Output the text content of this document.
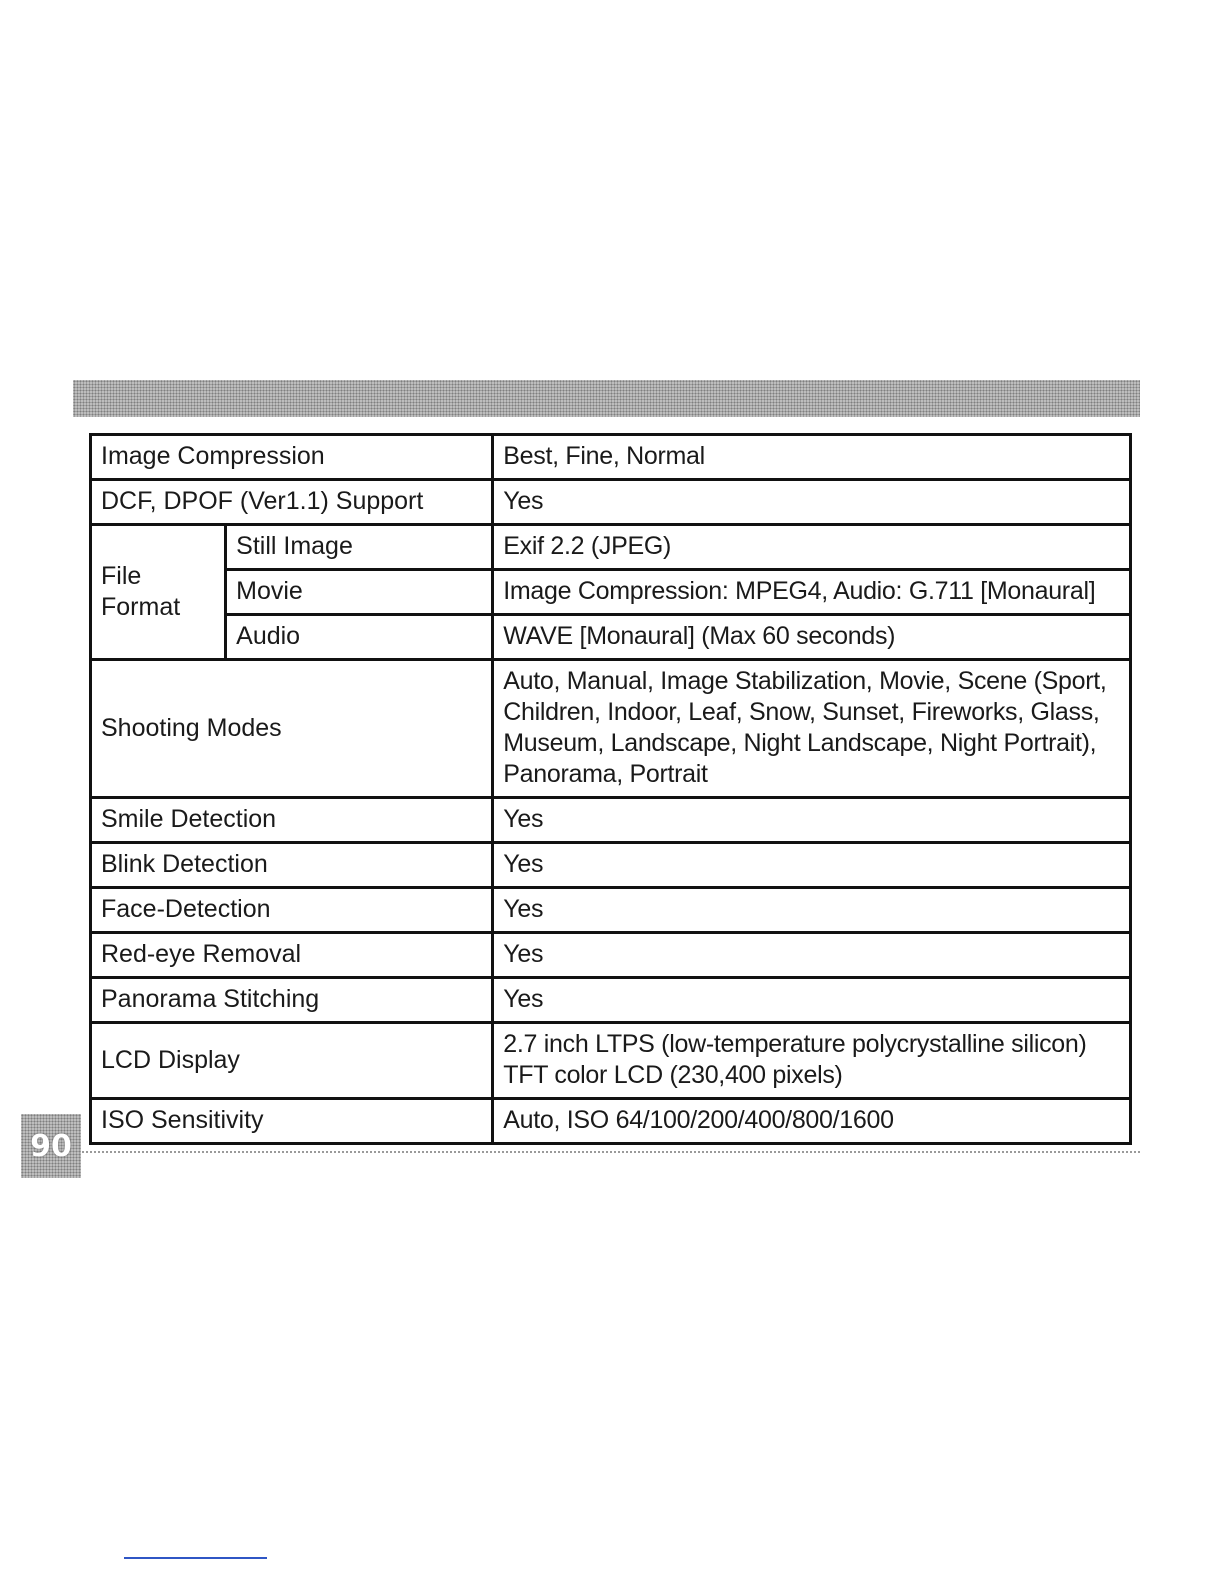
Image Compression		Best, Fine, Normal
DCF, DPOF (Ver1.1) Support		Yes
File Format	Still Image	Exif 2.2 (JPEG)
	Movie	Image Compression: MPEG4, Audio: G.711 [Monaural]
	Audio	WAVE [Monaural] (Max 60 seconds)
Shooting Modes		Auto, Manual, Image Stabilization, Movie, Scene (Sport, Children, Indoor, Leaf, Snow, Sunset, Fireworks, Glass, Museum, Landscape, Night Landscape, Night Portrait), Panorama, Portrait
Smile Detection		Yes
Blink Detection		Yes
Face-Detection		Yes
Red-eye Removal		Yes
Panorama Stitching		Yes
LCD Display		2.7 inch LTPS (low-temperature polycrystalline silicon) TFT color LCD (230,400 pixels)
ISO Sensitivity		Auto, ISO 64/100/200/400/800/1600
90
